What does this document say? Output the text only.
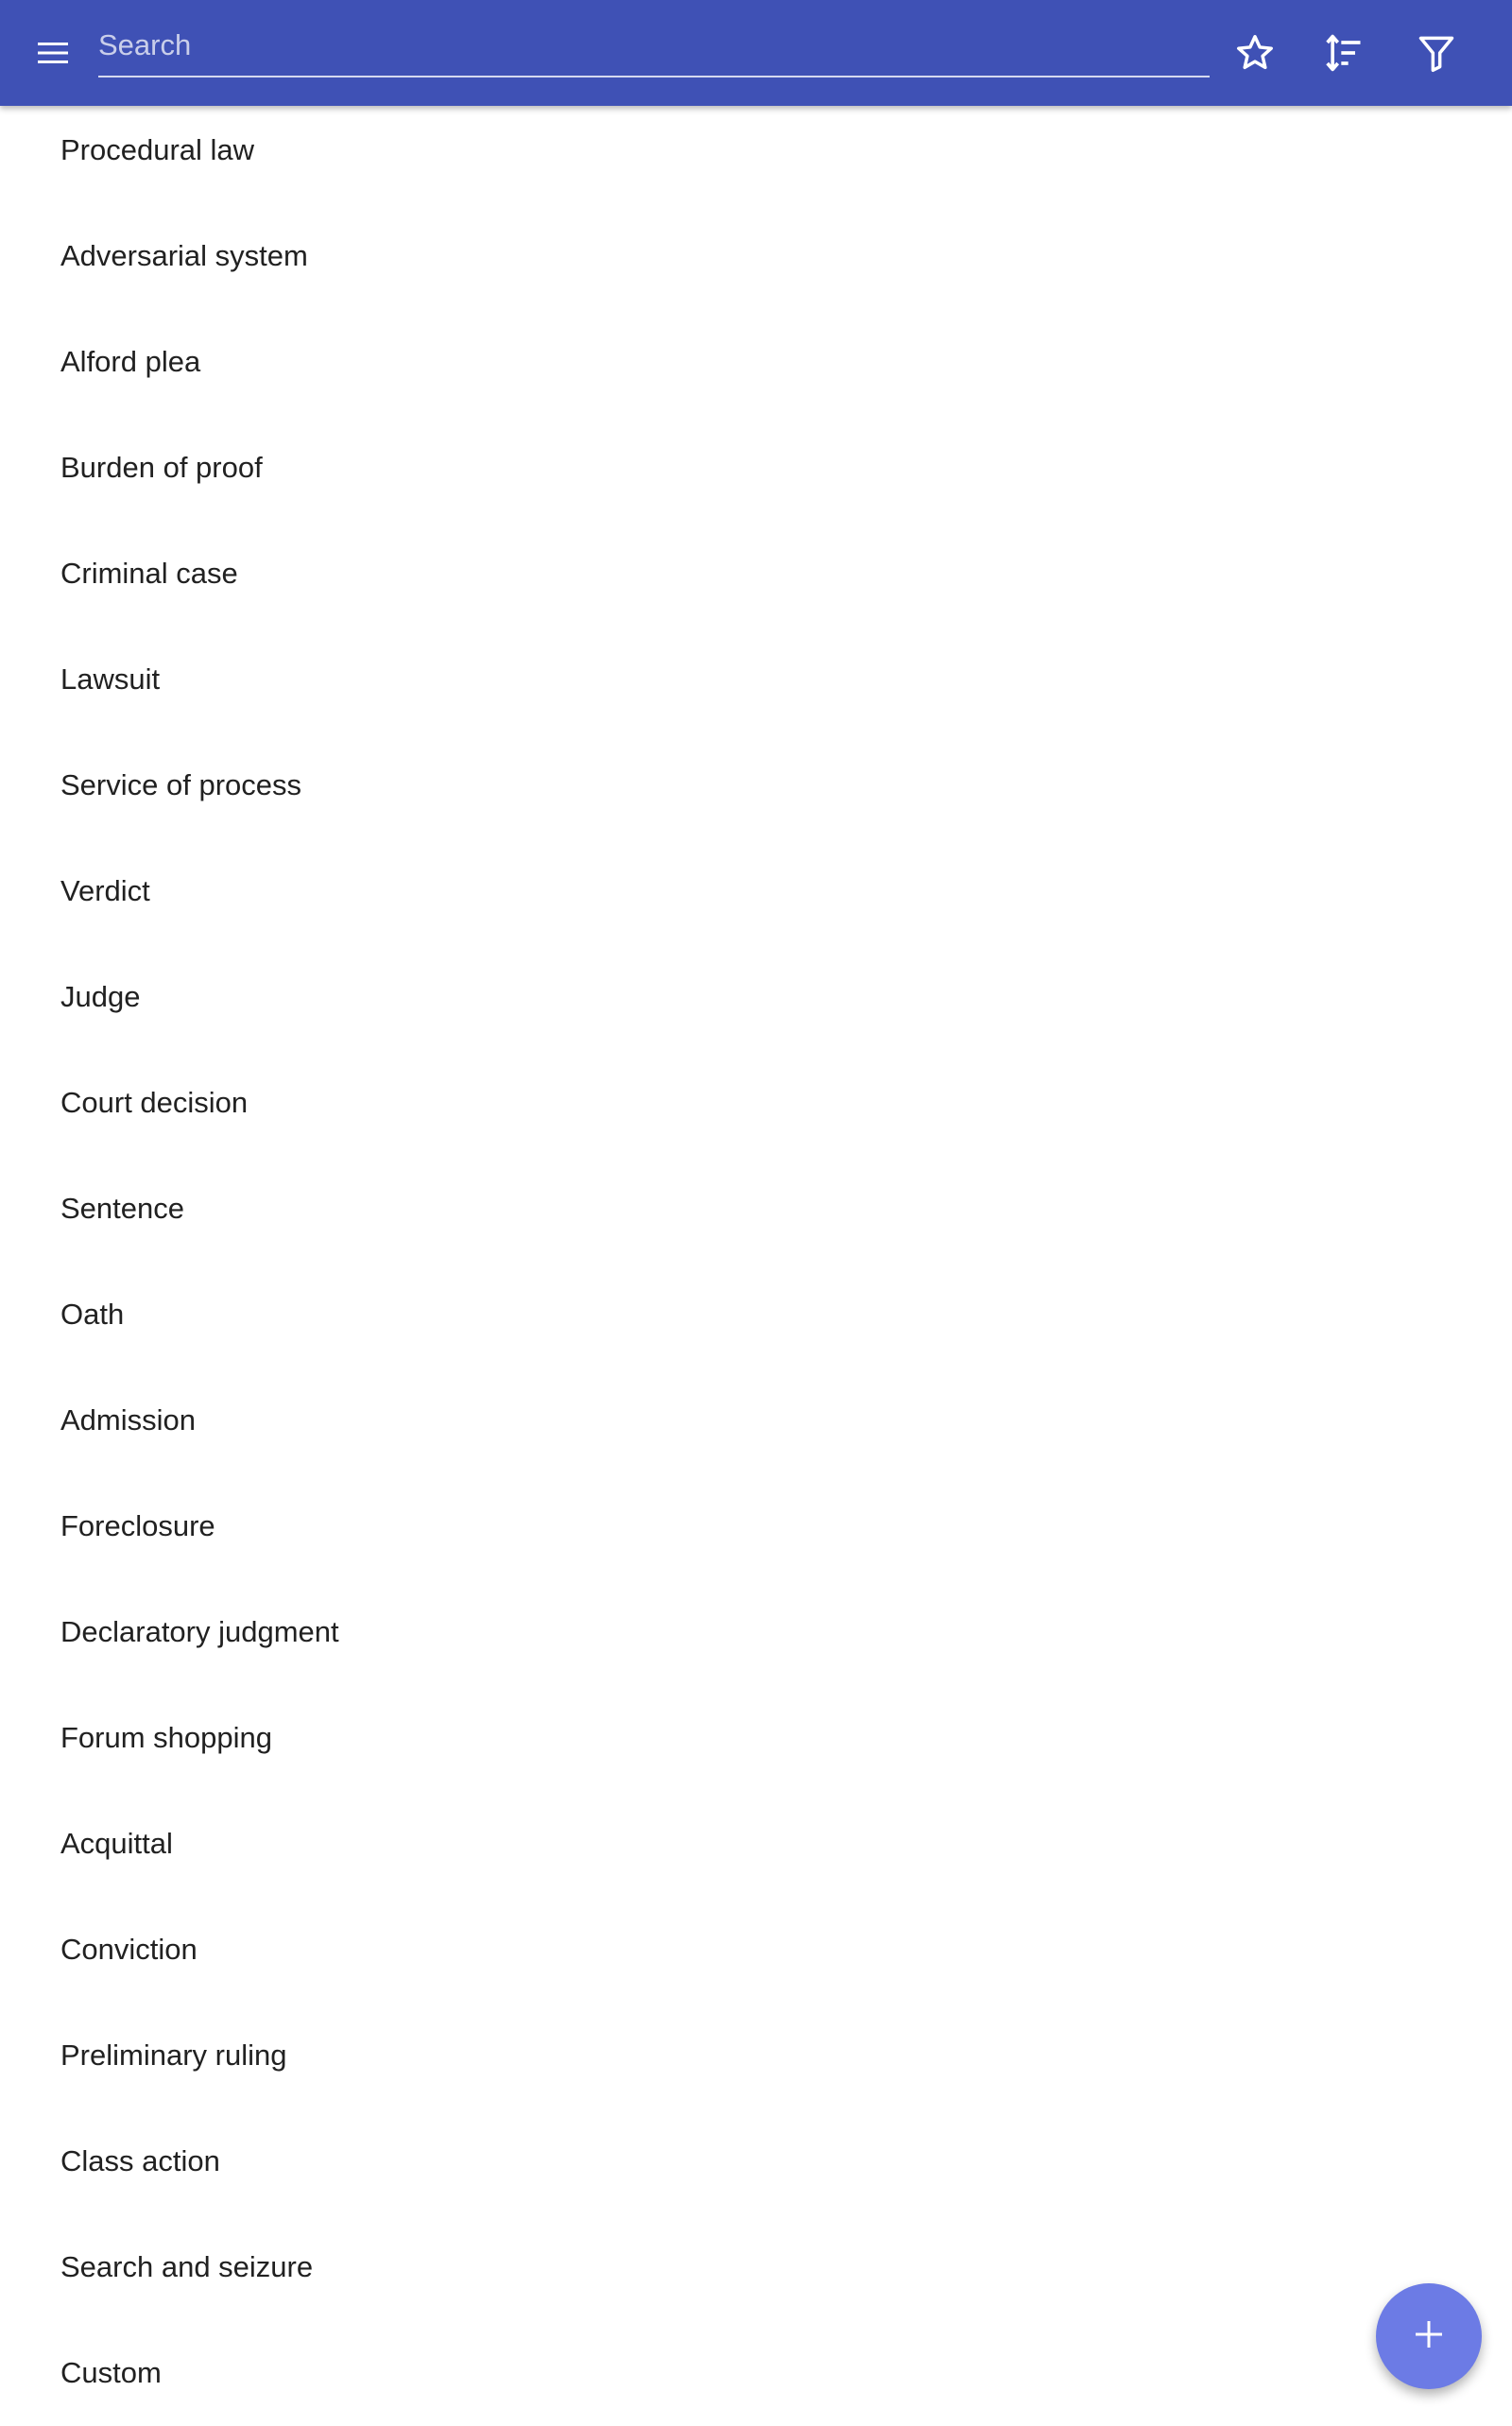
Search
Procedural law
Adversarial system
Alford plea
Burden of proof
Criminal case
Lawsuit
Service of process
Verdict
Judge
Court decision
Sentence
Oath
Admission
Foreclosure
Declaratory judgment
Forum shopping
Acquittal
Conviction
Preliminary ruling
Class action
Search and seizure
Custom
